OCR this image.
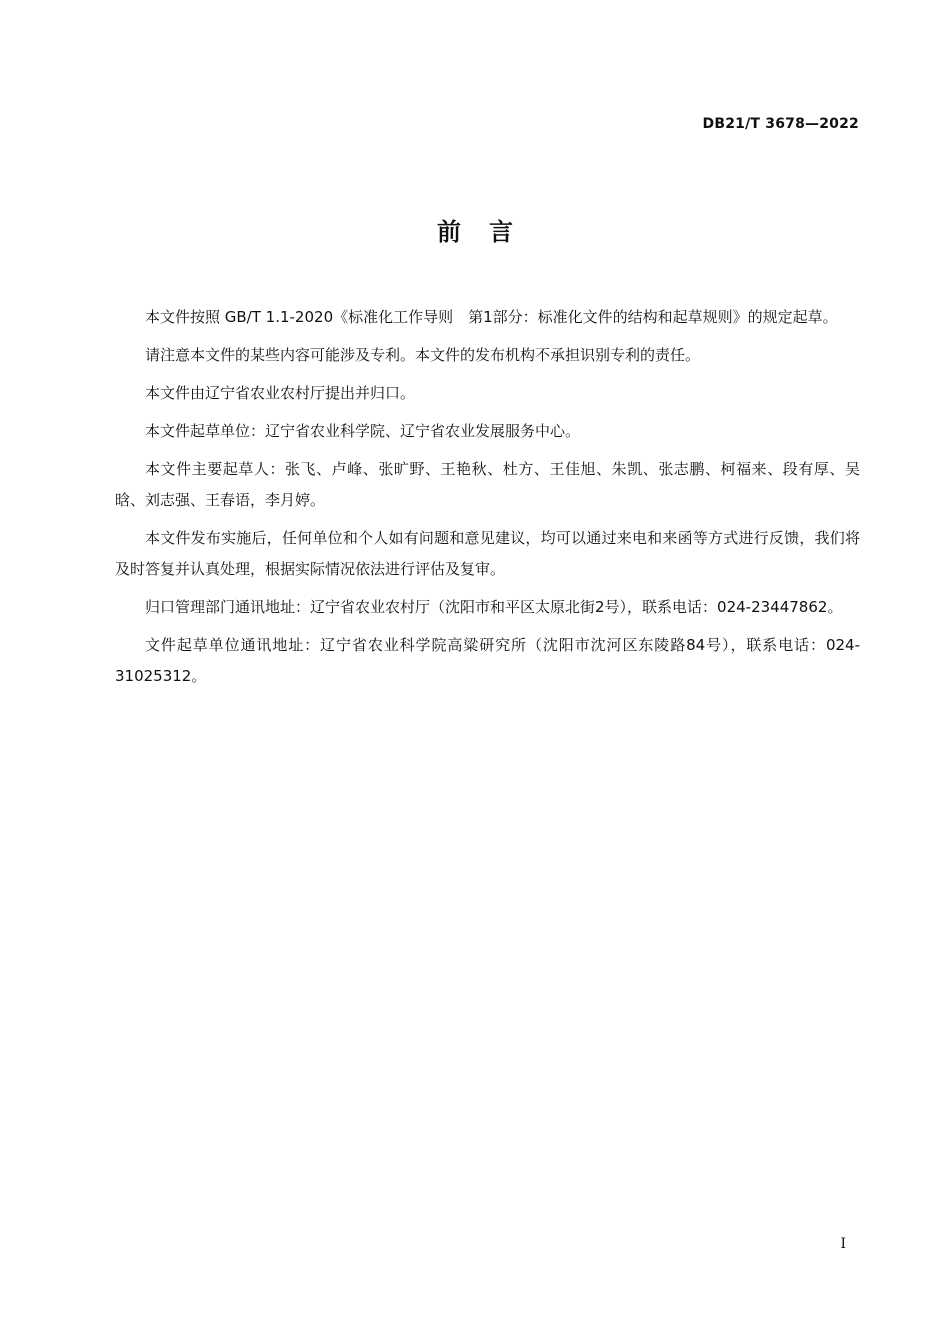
DB21/T 3678—2022
前言

本文件按照 GB/T 1.1-2020《标准化工作导则　第1部分：标准化文件的结构和起草规则》的规定起草。

请注意本文件的某些内容可能涉及专利。本文件的发布机构不承担识别专利的责任。

本文件由辽宁省农业农村厅提出并归口。

本文件起草单位：辽宁省农业科学院、辽宁省农业发展服务中心。

本文件主要起草人：张飞、卢峰、张旷野、王艳秋、杜方、王佳旭、朱凯、张志鹏、柯福来、段有厚、吴晗、刘志强、王春语，李月婷。

本文件发布实施后，任何单位和个人如有问题和意见建议，均可以通过来电和来函等方式进行反馈，我们将及时答复并认真处理，根据实际情况依法进行评估及复审。

归口管理部门通讯地址：辽宁省农业农村厅（沈阳市和平区太原北街2号），联系电话：024-23447862。

文件起草单位通讯地址：辽宁省农业科学院高粱研究所（沈阳市沈河区东陵路84号），联系电话：024-31025312。

I
